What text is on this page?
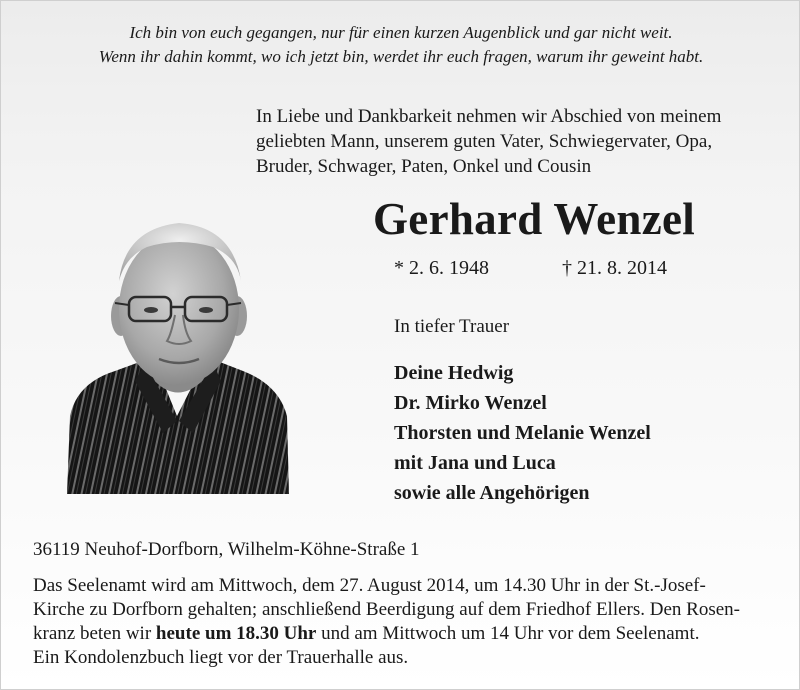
Ich bin von euch gegangen, nur für einen kurzen Augenblick und gar nicht weit.

Wenn ihr dahin kommt, wo ich jetzt bin, werdet ihr euch fragen, warum ihr geweint habt.

In Liebe und Dankbarkeit nehmen wir Abschied von meinem

geliebten Mann, unserem guten Vater, Schwiegervater, Opa,

Bruder, Schwager, Paten, Onkel und Cousin

Gerhard Wenzel
* 2. 6. 1948	† 21. 8. 2014
In tiefer Trauer
Deine Hedwig
Dr. Mirko Wenzel
Thorsten und Melanie Wenzel
mit Jana und Luca
sowie alle Angehörigen
36119 Neuhof-Dorfborn, Wilhelm-Köhne-Straße 1

Das Seelenamt wird am Mittwoch, dem 27. August 2014, um 14.30 Uhr in der St.-Josef-

Kirche zu Dorfborn gehalten; anschließend Beerdigung auf dem Friedhof Ellers. Den Rosen-

kranz beten wir heute um 18.30 Uhr und am Mittwoch um 14 Uhr vor dem Seelenamt.

Ein Kondolenzbuch liegt vor der Trauerhalle aus.
